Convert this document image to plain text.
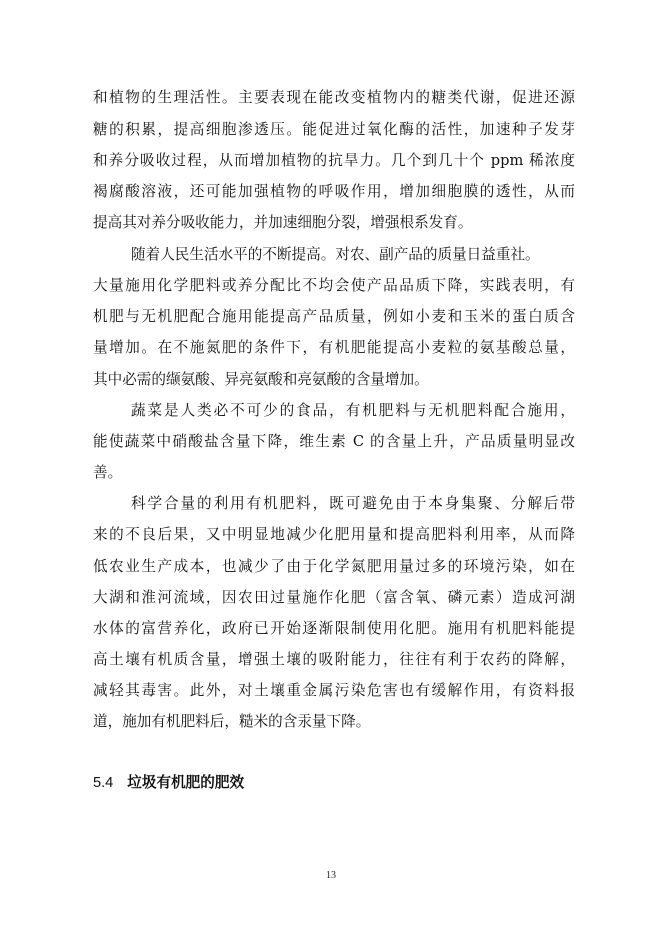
和植物的生理活性。主要表现在能改变植物内的糖类代谢，促进还源
糖的积累，提高细胞渗透压。能促进过氧化酶的活性，加速种子发芽
和养分吸收过程，从而增加植物的抗旱力。几个到几十个 ppm 稀浓度
褐腐酸溶液，还可能加强植物的呼吸作用，增加细胞膜的透性，从而
提高其对养分吸收能力，并加速细胞分裂，增强根系发育。
随着人民生活水平的不断提高。对农、副产品的质量日益重社。
大量施用化学肥料或养分配比不均会使产品品质下降，实践表明，有
机肥与无机肥配合施用能提高产品质量，例如小麦和玉米的蛋白质含
量增加。在不施氮肥的条件下，有机肥能提高小麦粒的氨基酸总量，
其中必需的缬氨酸、异亮氨酸和亮氨酸的含量增加。
蔬菜是人类必不可少的食品，有机肥料与无机肥料配合施用，
能使蔬菜中硝酸盐含量下降，维生素 C 的含量上升，产品质量明显改
善。
科学合量的利用有机肥料，既可避免由于本身集聚、分解后带
来的不良后果，又中明显地减少化肥用量和提高肥料利用率，从而降
低农业生产成本，也减少了由于化学氮肥用量过多的环境污染，如在
大湖和淮河流域，因农田过量施作化肥（富含氧、磷元素）造成河湖
水体的富营养化，政府已开始逐渐限制使用化肥。施用有机肥料能提
高土壤有机质含量，增强土壤的吸附能力，往往有利于农药的降解，
减轻其毒害。此外，对土壤重金属污染危害也有缓解作用，有资料报
道，施加有机肥料后，糙米的含汞量下降。
5.4 垃圾有机肥的肥效
13
